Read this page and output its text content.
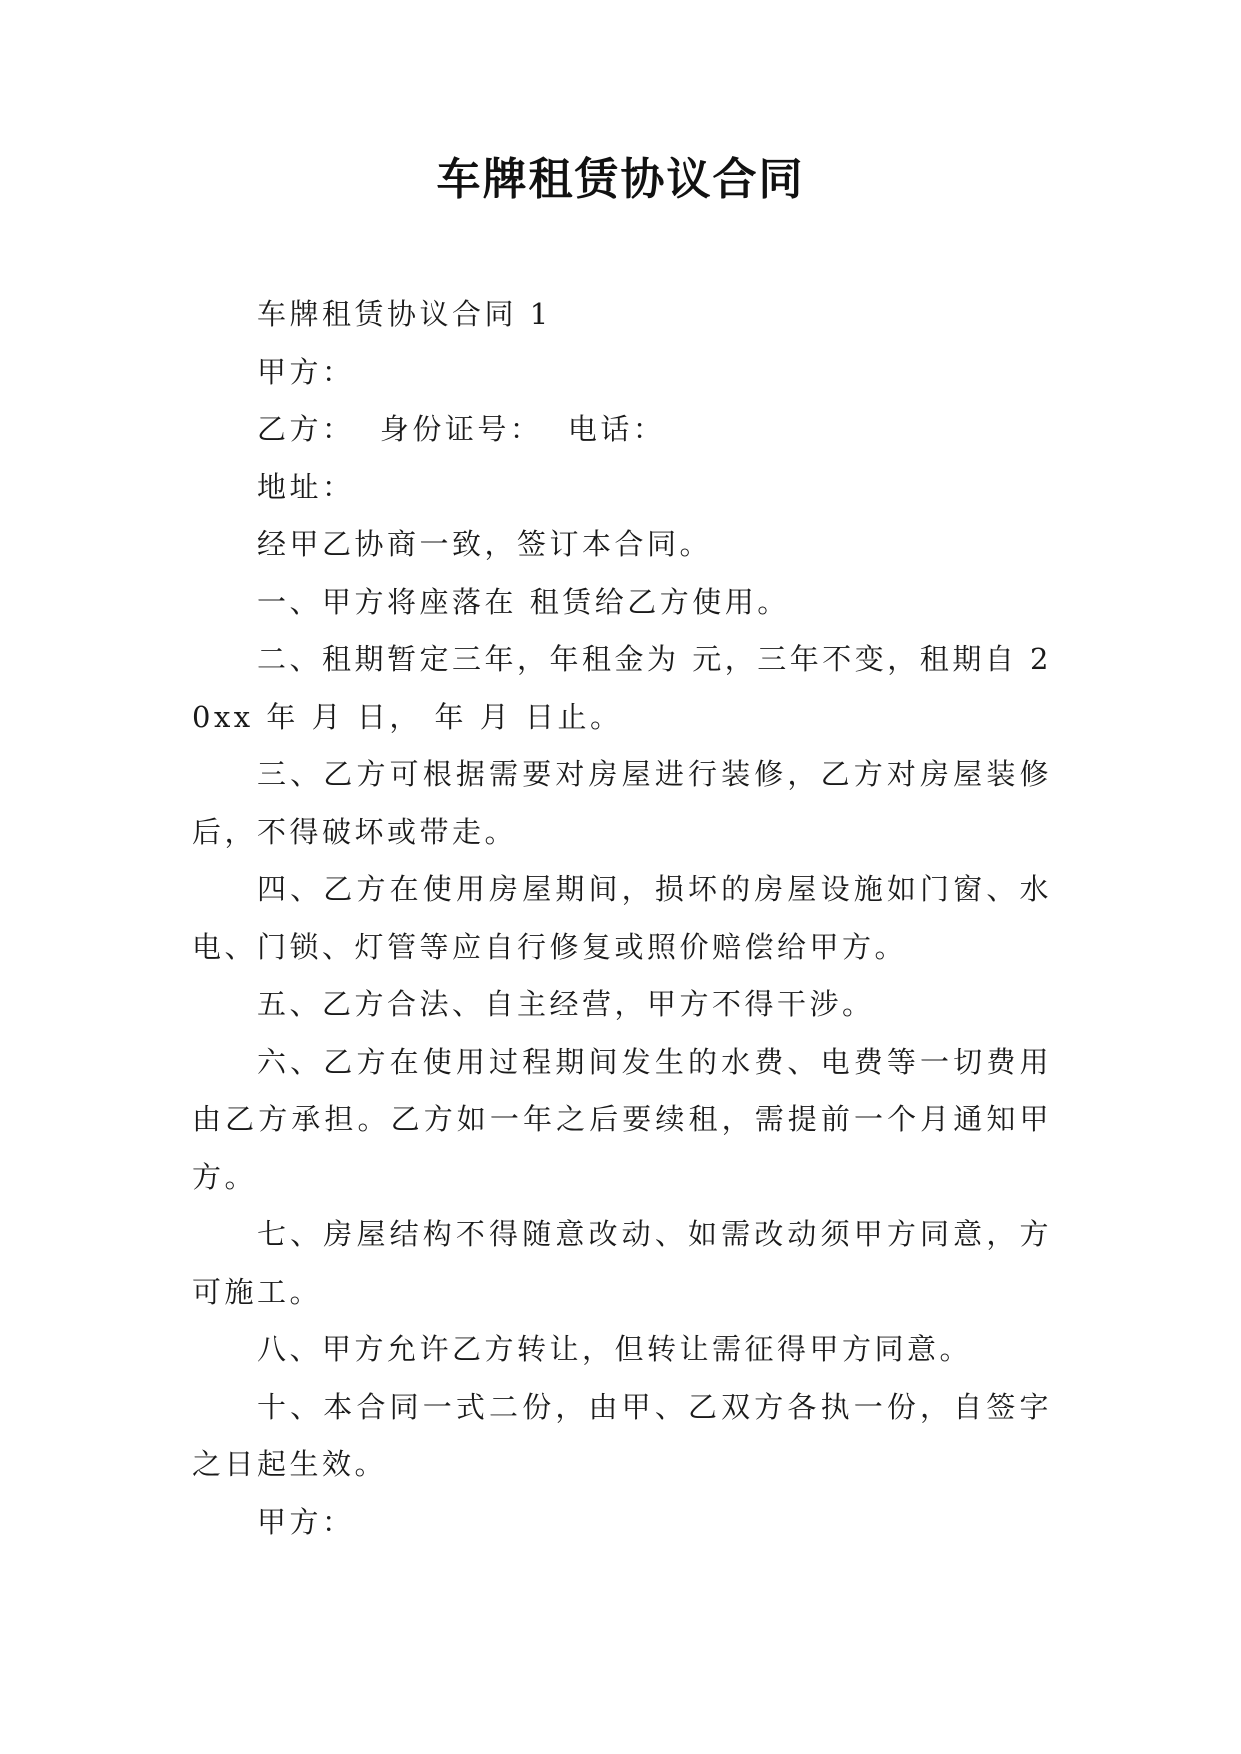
车牌租赁协议合同

车牌租赁协议合同 1

甲方：

乙方：  身份证号：  电话：

地址：

经甲乙协商一致，签订本合同。

一、甲方将座落在 租赁给乙方使用。

二、租期暂定三年，年租金为 元，三年不变，租期自 20xx 年 月 日， 年 月 日止。

三、乙方可根据需要对房屋进行装修，乙方对房屋装修后，不得破坏或带走。

四、乙方在使用房屋期间，损坏的房屋设施如门窗、水电、门锁、灯管等应自行修复或照价赔偿给甲方。

五、乙方合法、自主经营，甲方不得干涉。

六、乙方在使用过程期间发生的水费、电费等一切费用由乙方承担。乙方如一年之后要续租，需提前一个月通知甲方。

七、房屋结构不得随意改动、如需改动须甲方同意，方可施工。

八、甲方允许乙方转让，但转让需征得甲方同意。

十、本合同一式二份，由甲、乙双方各执一份，自签字之日起生效。

甲方：
